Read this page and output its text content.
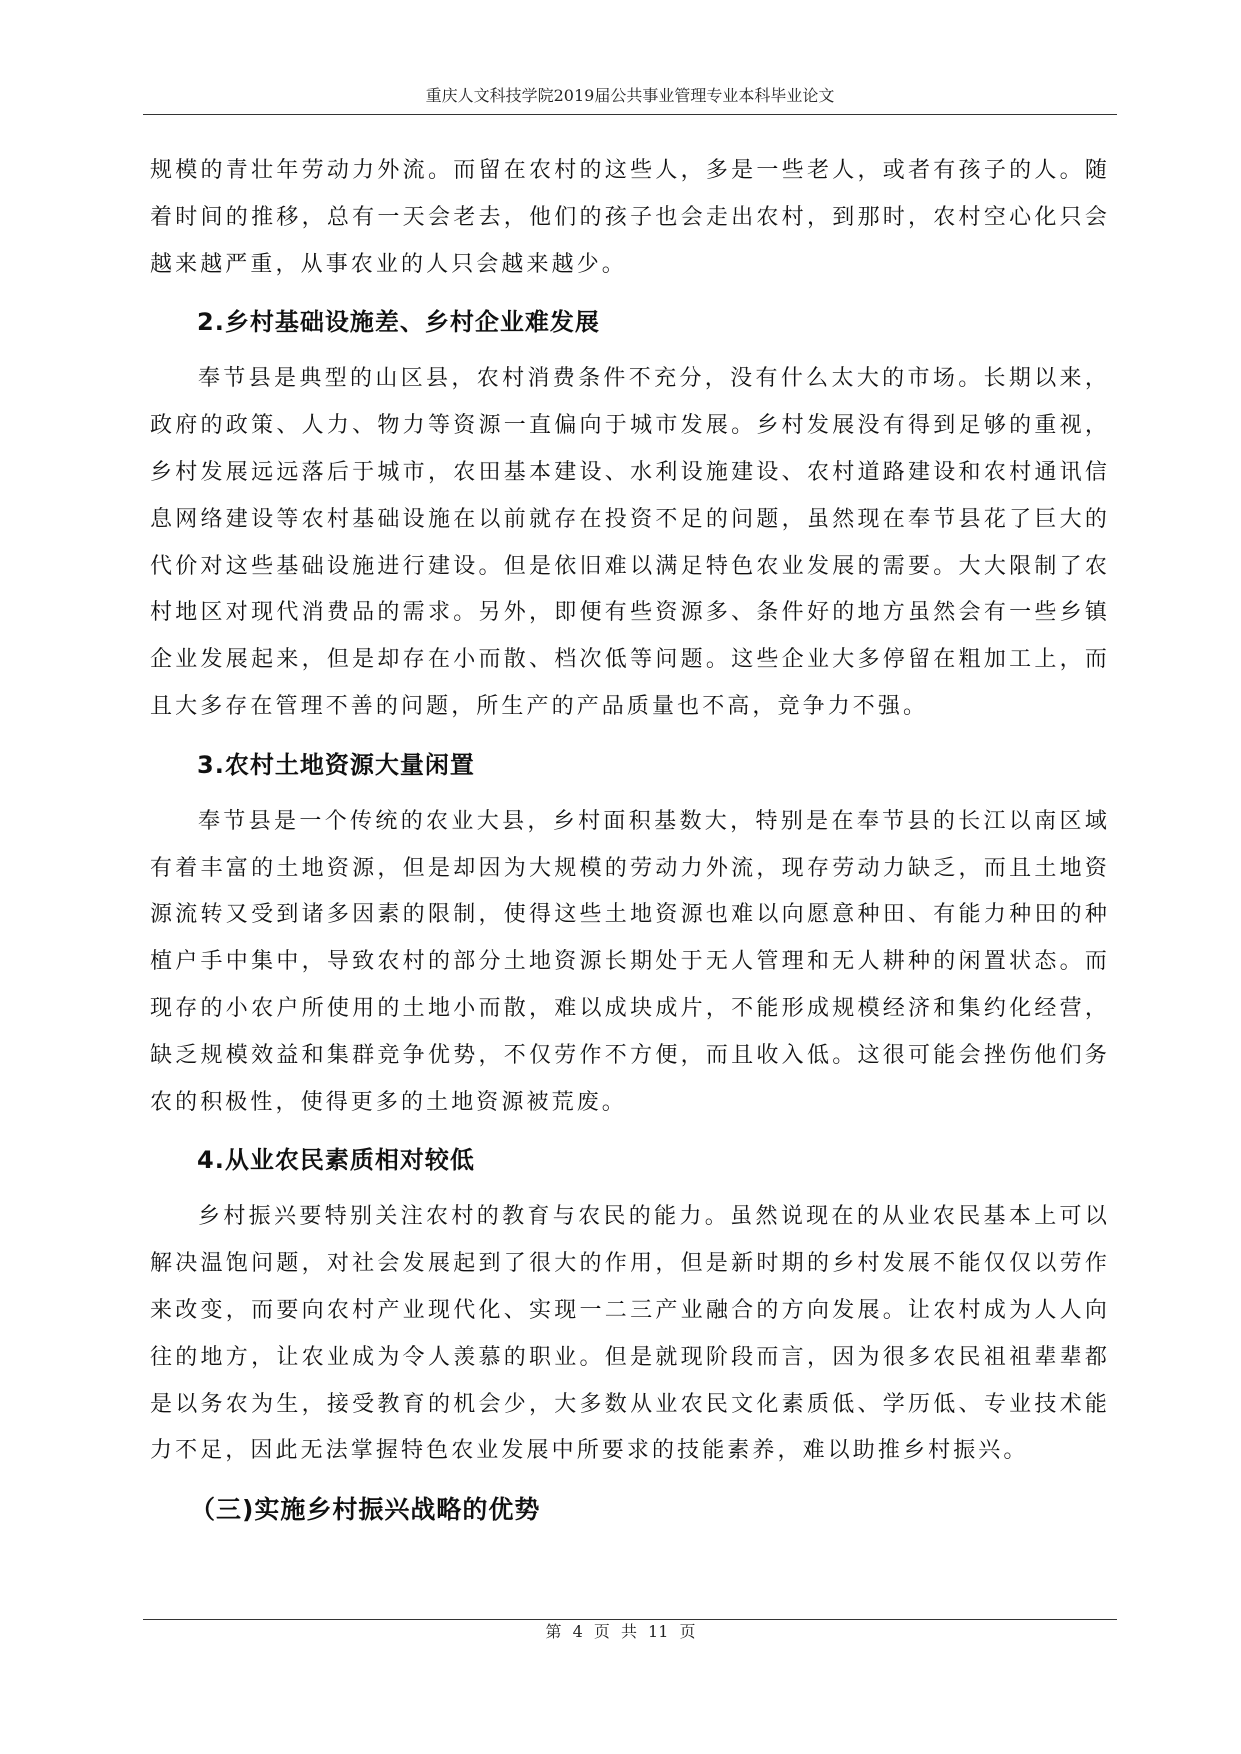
重庆人文科技学院2019届公共事业管理专业本科毕业论文

规模的青壮年劳动力外流。而留在农村的这些人，多是一些老人，或者有孩子的人。随着时间的推移，总有一天会老去，他们的孩子也会走出农村，到那时，农村空心化只会越来越严重，从事农业的人只会越来越少。

2.乡村基础设施差、乡村企业难发展

奉节县是典型的山区县，农村消费条件不充分，没有什么太大的市场。长期以来，政府的政策、人力、物力等资源一直偏向于城市发展。乡村发展没有得到足够的重视，乡村发展远远落后于城市，农田基本建设、水利设施建设、农村道路建设和农村通讯信息网络建设等农村基础设施在以前就存在投资不足的问题，虽然现在奉节县花了巨大的代价对这些基础设施进行建设。但是依旧难以满足特色农业发展的需要。大大限制了农村地区对现代消费品的需求。另外，即便有些资源多、条件好的地方虽然会有一些乡镇企业发展起来，但是却存在小而散、档次低等问题。这些企业大多停留在粗加工上，而且大多存在管理不善的问题，所生产的产品质量也不高，竞争力不强。

3.农村土地资源大量闲置

奉节县是一个传统的农业大县，乡村面积基数大，特别是在奉节县的长江以南区域有着丰富的土地资源，但是却因为大规模的劳动力外流，现存劳动力缺乏，而且土地资源流转又受到诸多因素的限制，使得这些土地资源也难以向愿意种田、有能力种田的种植户手中集中，导致农村的部分土地资源长期处于无人管理和无人耕种的闲置状态。而现存的小农户所使用的土地小而散，难以成块成片，不能形成规模经济和集约化经营，缺乏规模效益和集群竞争优势，不仅劳作不方便，而且收入低。这很可能会挫伤他们务农的积极性，使得更多的土地资源被荒废。

4.从业农民素质相对较低

乡村振兴要特别关注农村的教育与农民的能力。虽然说现在的从业农民基本上可以解决温饱问题，对社会发展起到了很大的作用，但是新时期的乡村发展不能仅仅以劳作来改变，而要向农村产业现代化、实现一二三产业融合的方向发展。让农村成为人人向往的地方，让农业成为令人羡慕的职业。但是就现阶段而言，因为很多农民祖祖辈辈都是以务农为生，接受教育的机会少，大多数从业农民文化素质低、学历低、专业技术能力不足，因此无法掌握特色农业发展中所要求的技能素养，难以助推乡村振兴。

（三)实施乡村振兴战略的优势
第 4 页 共 11 页
